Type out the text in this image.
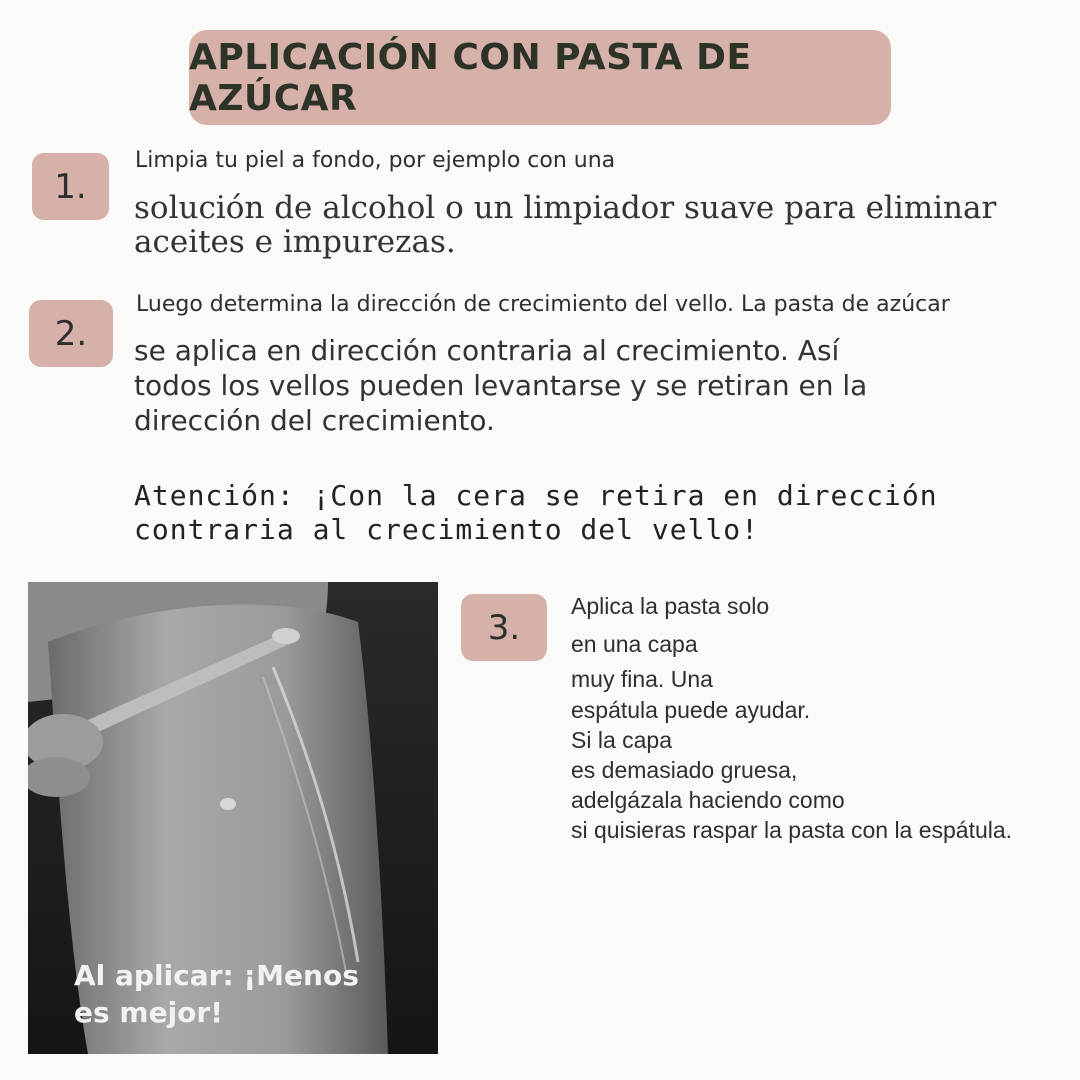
APLICACIÓN CON PASTA DE AZÚCAR
1.
Limpia tu piel a fondo, por ejemplo con una
solución de alcohol o un limpiador suave para eliminar
aceites e impurezas.
2.
Luego determina la dirección de crecimiento del vello. La pasta de azúcar
se aplica en dirección contraria al crecimiento. Así
todos los vellos pueden levantarse y se retiran en la
dirección del crecimiento.
Atención: ¡Con la cera se retira en dirección
contraria al crecimiento del vello!
Al aplicar: ¡Menos
es mejor!
3.
Aplica la pasta solo
en una capa
muy fina. Una
espátula puede ayudar.
Si la capa
es demasiado gruesa,
adelgázala haciendo como
si quisieras raspar la pasta con la espátula.
